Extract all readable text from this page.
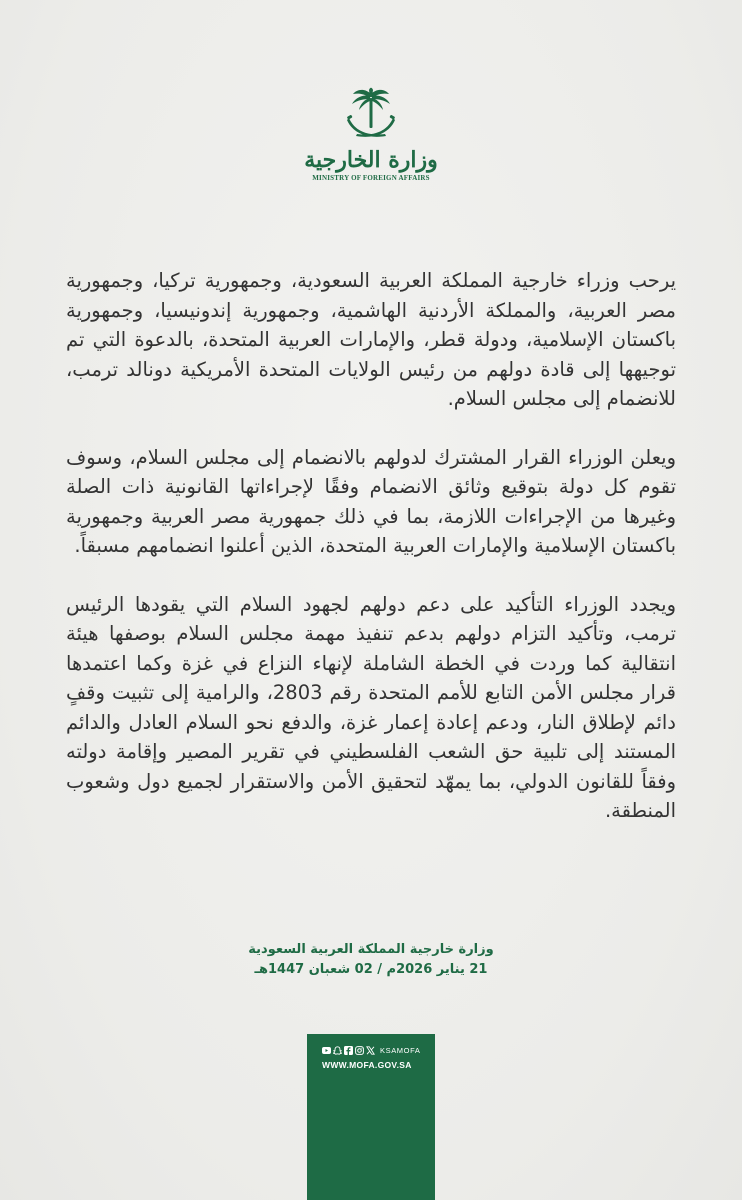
وزارة الخارجية
MINISTRY OF FOREIGN AFFAIRS

يرحب وزراء خارجية المملكة العربية السعودية، وجمهورية تركيا، وجمهورية مصر العربية، والمملكة الأردنية الهاشمية، وجمهورية إندونيسيا، وجمهورية باكستان الإسلامية، ودولة قطر، والإمارات العربية المتحدة، بالدعوة التي تم توجيهها إلى قادة دولهم من رئيس الولايات المتحدة الأمريكية دونالد ترمب، للانضمام إلى مجلس السلام.

ويعلن الوزراء القرار المشترك لدولهم بالانضمام إلى مجلس السلام، وسوف تقوم كل دولة بتوقيع وثائق الانضمام وفقًا لإجراءاتها القانونية ذات الصلة وغيرها من الإجراءات اللازمة، بما في ذلك جمهورية مصر العربية وجمهورية باكستان الإسلامية والإمارات العربية المتحدة، الذين أعلنوا انضمامهم مسبقاً.

ويجدد الوزراء التأكيد على دعم دولهم لجهود السلام التي يقودها الرئيس ترمب، وتأكيد التزام دولهم بدعم تنفيذ مهمة مجلس السلام بوصفها هيئة انتقالية كما وردت في الخطة الشاملة لإنهاء النزاع في غزة وكما اعتمدها قرار مجلس الأمن التابع للأمم المتحدة رقم 2803، والرامية إلى تثبيت وقفٍ دائم لإطلاق النار، ودعم إعادة إعمار غزة، والدفع نحو السلام العادل والدائم المستند إلى تلبية حق الشعب الفلسطيني في تقرير المصير وإقامة دولته وفقاً للقانون الدولي، بما يمهّد لتحقيق الأمن والاستقرار لجميع دول وشعوب المنطقة.

وزارة خارجية المملكة العربية السعودية
21 يناير 2026م / 02 شعبان 1447هـ
KSAMOFA
WWW.MOFA.GOV.SA
